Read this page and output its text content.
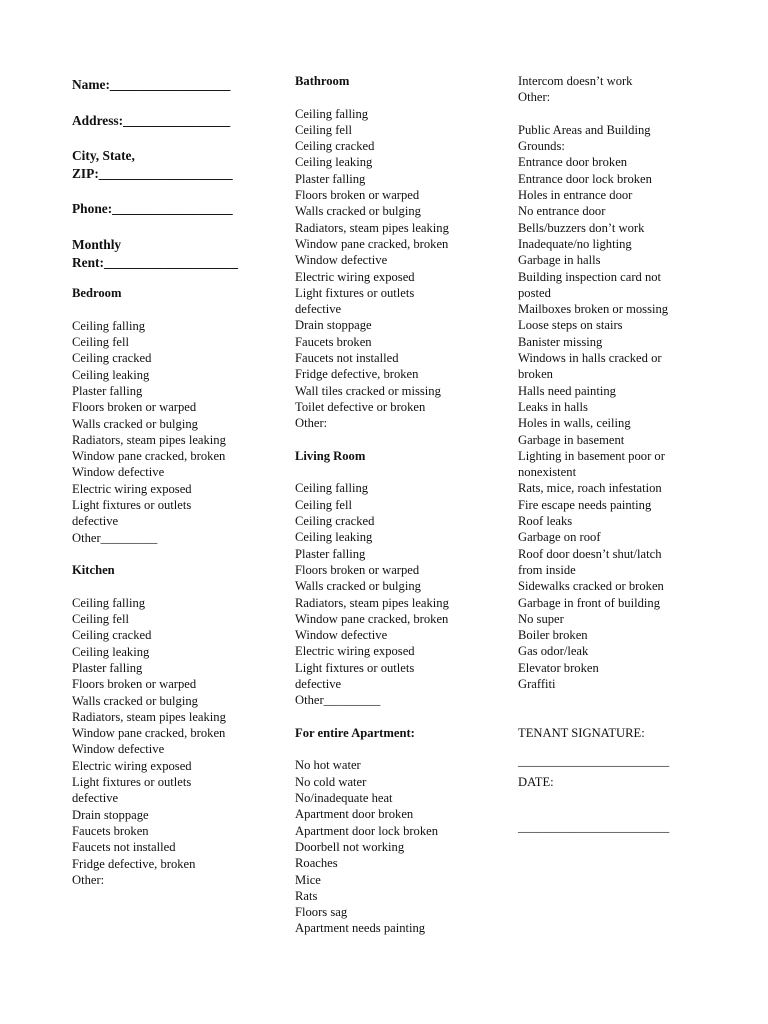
Name:__________________
Address:________________
City, State,
ZIP:____________________
Phone:__________________
Monthly
Rent:____________________
Bedroom
Ceiling falling
Ceiling fell
Ceiling cracked
Ceiling leaking
Plaster falling
Floors broken or warped
Walls cracked or bulging
Radiators, steam pipes leaking
Window pane cracked, broken
Window defective
Electric wiring exposed
Light fixtures or outlets
defective
Other_________
Kitchen
Ceiling falling
Ceiling fell
Ceiling cracked
Ceiling leaking
Plaster falling
Floors broken or warped
Walls cracked or bulging
Radiators, steam pipes leaking
Window pane cracked, broken
Window defective
Electric wiring exposed
Light fixtures or outlets
defective
Drain stoppage
Faucets broken
Faucets not installed
Fridge defective, broken
Other:
Bathroom
Ceiling falling
Ceiling fell
Ceiling cracked
Ceiling leaking
Plaster falling
Floors broken or warped
Walls cracked or bulging
Radiators, steam pipes leaking
Window pane cracked, broken
Window defective
Electric wiring exposed
Light fixtures or outlets
defective
Drain stoppage
Faucets broken
Faucets not installed
Fridge defective, broken
Wall tiles cracked or missing
Toilet defective or broken
Other:
Living Room
Ceiling falling
Ceiling fell
Ceiling cracked
Ceiling leaking
Plaster falling
Floors broken or warped
Walls cracked or bulging
Radiators, steam pipes leaking
Window pane cracked, broken
Window defective
Electric wiring exposed
Light fixtures or outlets
defective
Other_________
For entire Apartment:
No hot water
No cold water
No/inadequate heat
Apartment door broken
Apartment door lock broken
Doorbell not working
Roaches
Mice
Rats
Floors sag
Apartment needs painting
Intercom doesn’t work
Other:
Public Areas and Building
Grounds:
Entrance door broken
Entrance door lock broken
Holes in entrance door
No entrance door
Bells/buzzers don’t work
Inadequate/no lighting
Garbage in halls
Building inspection card not
posted
Mailboxes broken or mossing
Loose steps on stairs
Banister missing
Windows in halls cracked or
broken
Halls need painting
Leaks in halls
Holes in walls, ceiling
Garbage in basement
Lighting in basement poor or
nonexistent
Rats, mice, roach infestation
Fire escape needs painting
Roof leaks
Garbage on roof
Roof door doesn’t shut/latch
from inside
Sidewalks cracked or broken
Garbage in front of building
No super
Boiler broken
Gas odor/leak
Elevator broken
Graffiti
TENANT SIGNATURE:
________________________
DATE:
________________________
